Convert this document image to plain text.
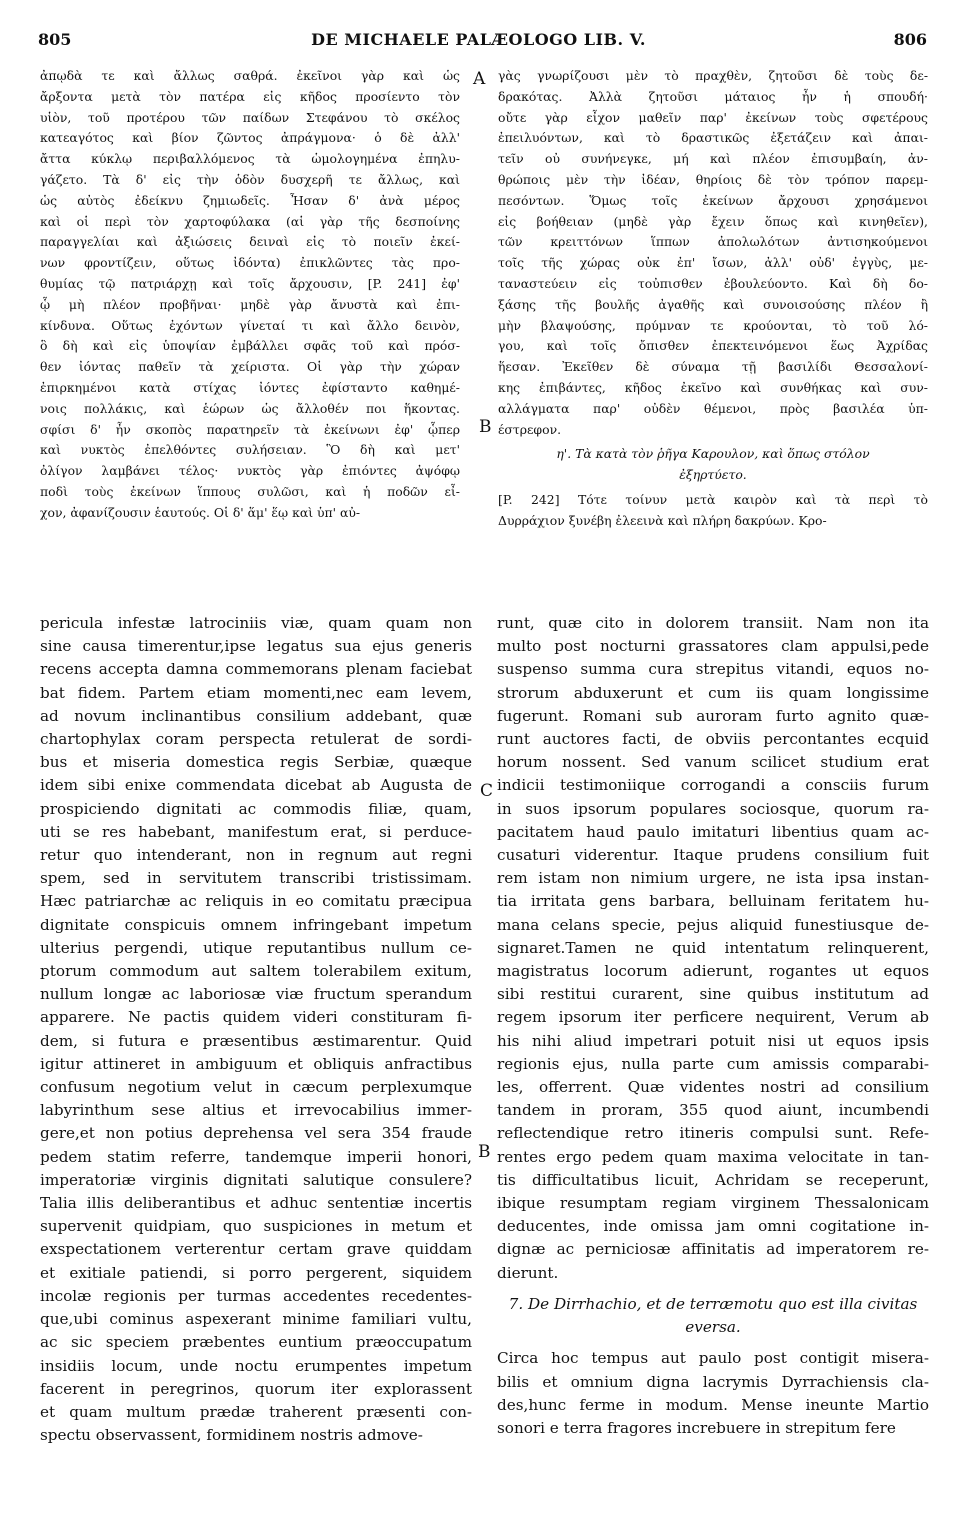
805	DE MICHAELE PALÆOLOGO LIB. V.	806
A
B
C
B
ἀπῳδὰ τε καὶ ἄλλως σαθρά. ἐκεῖνοι γὰρ καὶ ὡς
ἄρξοντα μετὰ τὸν πατέρα εἰς κῆδος προσίεντο τὸν
υἱὸν, τοῦ προτέρου τῶν παίδων Στεφάνου τὸ σκέλος
κατεαγότος καὶ βίον ζῶντος ἀπράγμονα· ὁ δὲ ἀλλ'
ἄττα κύκλῳ περιβαλλόμενος τὰ ὡμολογημένα ἐπηλυ-
γάζετο. Τὰ δ' εἰς τὴν ὁδὸν δυσχερῆ τε ἄλλως, καὶ
ὡς αὐτὸς ἐδείκνυ ζημιωδεῖς. Ἦσαν δ' ἀνὰ μέρος
καὶ οἱ περὶ τὸν χαρτοφύλακα (αἱ γὰρ τῆς δεσποίνης
παραγγελίαι καὶ ἀξιώσεις δειναὶ εἰς τὸ ποιεῖν ἐκεί-
νων φροντίζειν, οὕτως ἰδόντα) ἐπικλῶντες τὰς προ-
θυμίας τῷ πατριάρχῃ καὶ τοῖς ἄρχουσιν, [P. 241] ἐφ'
ᾧ μὴ πλέον προβῆναι· μηδὲ γὰρ ἄνυστὰ καὶ ἐπι-
κίνδυνα. Οὕτως ἐχόντων γίνεταί τι καὶ ἄλλο δεινὸν,
ὃ δὴ καὶ εἰς ὑποψίαν ἐμβάλλει σφᾶς τοῦ καὶ πρόσ-
θεν ἰόντας παθεῖν τὰ χείριστα. Οἱ γὰρ τὴν χώραν
ἐπιρκημένοι κατὰ στίχας ἰόντες ἐφίσταντο καθημέ-
νοις πολλάκις, καὶ ἑώρων ὡς ἄλλοθέν ποι ἥκοντας.
σφίσι δ' ἦν σκοπὸς παρατηρεῖν τὰ ἐκείνωνι ἐφ' ᾧπερ
καὶ νυκτὸς ἐπελθόντες συλήσειαν. Ὃ δὴ καὶ μετ'
ὀλίγον λαμβάνει τέλος· νυκτὸς γὰρ ἐπιόντες ἀψόφῳ
ποδὶ τοὺς ἐκείνων ἵππους συλῶσι, καὶ ἡ ποδῶν εἶ-
χον, ἀφανίζουσιν ἑαυτούς. Οἱ δ' ἅμ' ἕῳ καὶ ὑπ' αὐ-
γὰς γνωρίζουσι μὲν τὸ πραχθὲν, ζητοῦσι δὲ τοὺς δε-
δρακότας. Ἀλλὰ ζητοῦσι μάταιος ἦν ἡ σπουδή·
οὔτε γὰρ εἶχον μαθεῖν παρ' ἐκείνων τοὺς σφετέρους
ἐπειλυόντων, καὶ τὸ δραστικῶς ἐξετάζειν καὶ ἀπαι-
τεῖν οὐ συνήνεγκε, μή καὶ πλέον ἐπισυμβαίη, ἀν-
θρώποις μὲν τὴν ἰδέαν, θηρίοις δὲ τὸν τρόπον παρεμ-
πεσόντων. Ὅμως τοῖς ἐκείνων ἄρχουσι χρησάμενοι
εἰς βοήθειαν (μηδὲ γὰρ ἔχειν ὅπως καὶ κινηθεῖεν),
τῶν κρειττόνων ἵππων ἀπολωλότων ἀντισηκούμενοι
τοῖς τῆς χώρας οὐκ ἐπ' ἴσων, ἀλλ' οὐδ' ἐγγὺς, με-
ταναστεύειν εἰς τοὐπισθεν ἐβουλεύοντο. Καὶ δὴ δο-
ξάσης τῆς βουλῆς ἀγαθῆς καὶ συνοισούσης πλέον ἢ
μὴν βλαψούσης, πρύμναν τε κρούονται, τὸ τοῦ λό-
γου, καὶ τοῖς ὄπισθεν ἐπεκτεινόμενοι ἕως Ἀχρίδας
ἥεσαν. Ἐκεῖθεν δὲ σύναμα τῇ βασιλίδι Θεσσαλονί-
κης ἐπιβάντες, κῆδος ἐκεῖνο καὶ συνθήκας καὶ συν-
αλλάγματα παρ' οὐδὲν θέμενοι, πρὸς βασιλέα ὑπ-
έστρεφον.
η'. Τὰ κατὰ τὸν ῥῆγα Καρουλον, καὶ ὅπως στόλον
ἐξηρτύετο.
[P. 242] Τότε τοίνυν μετὰ καιρὸν καὶ τὰ περὶ τὸ
Δυρράχιον ξυνέβη ἐλεεινὰ καὶ πλήρη δακρύων. Κρο-
pericula infestæ latrociniis viæ, quam quam non
sine causa timerentur,ipse legatus sua ejus generis
recens accepta damna commemorans plenam faciebat
bat fidem. Partem etiam momenti,nec eam levem,
ad novum inclinantibus consilium addebant, quæ
chartophylax coram perspecta retulerat de sordi-
bus et miseria domestica regis Serbiæ, quæque
idem sibi enixe commendata dicebat ab Augusta de
prospiciendo dignitati ac commodis filiæ, quam,
uti se res habebant, manifestum erat, si perduce-
retur quo intenderant, non in regnum aut regni
spem, sed in servitutem transcribi tristissimam.
Hæc patriarchæ ac reliquis in eo comitatu præcipua
dignitate conspicuis omnem infringebant impetum
ulterius pergendi, utique reputantibus nullum ce-
ptorum commodum aut saltem tolerabilem exitum,
nullum longæ ac laboriosæ viæ fructum sperandum
apparere. Ne pactis quidem videri constituram fi-
dem, si futura e præsentibus æstimarentur. Quid
igitur attineret in ambiguum et obliquis anfractibus
confusum negotium velut in cæcum perplexumque
labyrinthum sese altius et irrevocabilius immer-
gere,et non potius deprehensa vel sera 354 fraude
pedem statim referre, tandemque imperii honori,
imperatoriæ virginis dignitati salutique consulere?
Talia illis deliberantibus et adhuc sententiæ incertis
supervenit quidpiam, quo suspiciones in metum et
exspectationem verterentur certam grave quiddam
et exitiale patiendi, si porro pergerent, siquidem
incolæ regionis per turmas accedentes recedentes-
que,ubi cominus aspexerant minime familiari vultu,
ac sic speciem præbentes euntium præoccupatum
insidiis locum, unde noctu erumpentes impetum
facerent in peregrinos, quorum iter explorassent
et quam multum prædæ traherent præsenti con-
spectu observassent, formidinem nostris admove-
runt, quæ cito in dolorem transiit. Nam non ita
multo post nocturni grassatores clam appulsi,pede
suspenso summa cura strepitus vitandi, equos no-
strorum abduxerunt et cum iis quam longissime
fugerunt. Romani sub auroram furto agnito quæ-
runt auctores facti, de obviis percontantes ecquid
horum nossent. Sed vanum scilicet studium erat
indicii testimoniique corrogandi a consciis furum
in suos ipsorum populares sociosque, quorum ra-
pacitatem haud paulo imitaturi libentius quam ac-
cusaturi viderentur. Itaque prudens consilium fuit
rem istam non nimium urgere, ne ista ipsa instan-
tia irritata gens barbara, belluinam feritatem hu-
mana celans specie, pejus aliquid funestiusque de-
signaret.Tamen ne quid intentatum relinquerent,
magistratus locorum adierunt, rogantes ut equos
sibi restitui curarent, sine quibus institutum ad
regem ipsorum iter perficere nequirent, Verum ab
his nihi aliud impetrari potuit nisi ut equos ipsis
regionis ejus, nulla parte cum amissis comparabi-
les, offerrent. Quæ videntes nostri ad consilium
tandem in proram, 355 quod aiunt, incumbendi
reflectendique retro itineris compulsi sunt. Refe-
rentes ergo pedem quam maxima velocitate in tan-
tis difficultatibus licuit, Achridam se receperunt,
ibique resumptam regiam virginem Thessalonicam
deducentes, inde omissa jam omni cogitatione in-
dignæ ac perniciosæ affinitatis ad imperatorem re-
dierunt.
7. De Dirrhachio, et de terræmotu quo est illa civitas
eversa.
Circa hoc tempus aut paulo post contigit misera-
bilis et omnium digna lacrymis Dyrrachiensis cla-
des,hunc ferme in modum. Mense ineunte Martio
sonori e terra fragores increbuere in strepitum fere
